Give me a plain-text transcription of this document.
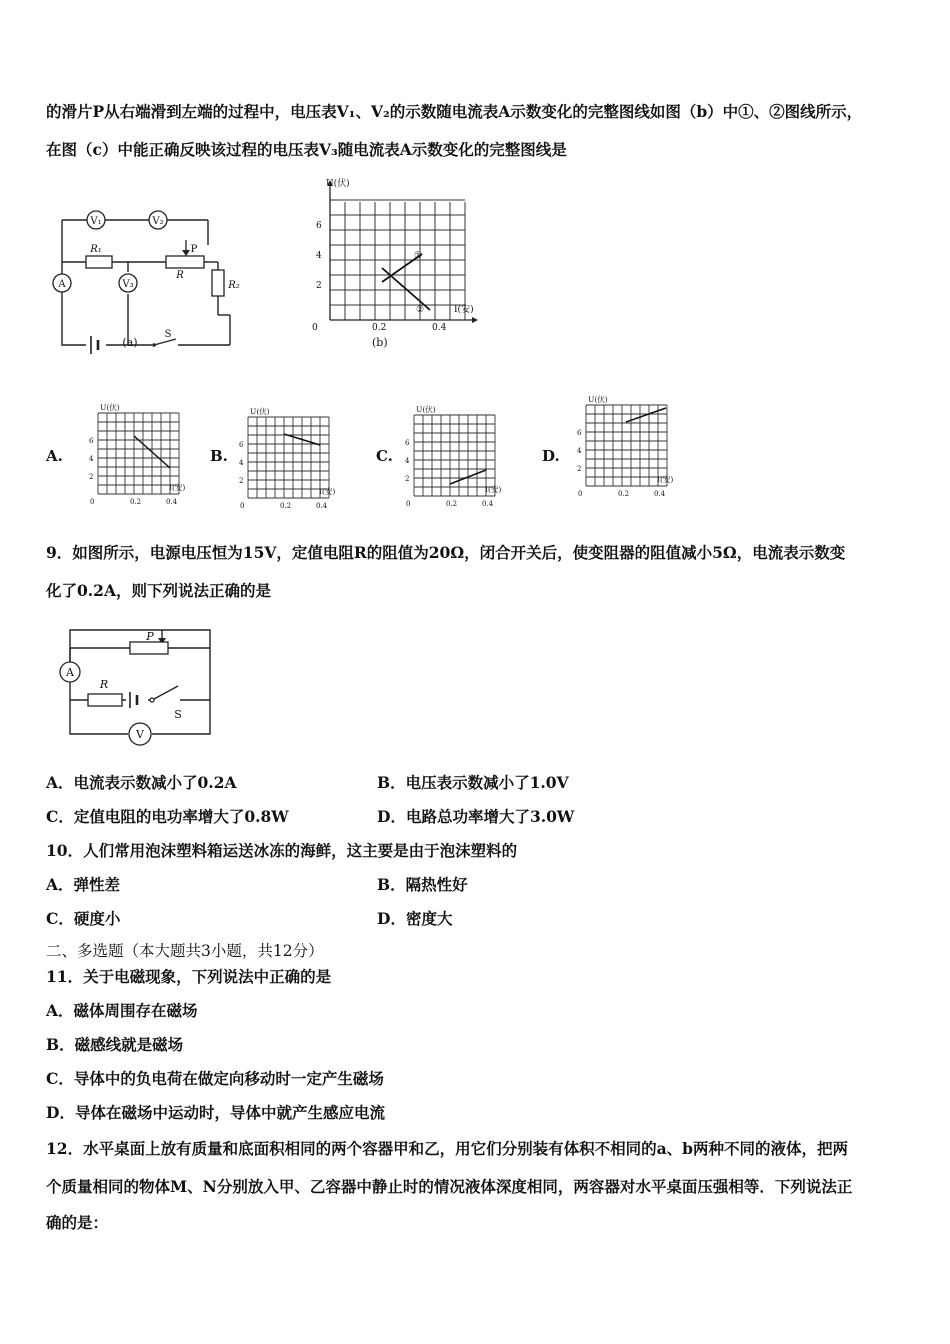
的滑片P从右端滑到左端的过程中，电压表V₁、V₂的示数随电流表A示数变化的完整图线如图（b）中①、②图线所示，
在图（c）中能正确反映该过程的电压表V₃随电流表A示数变化的完整图线是
V₁	V₂
V₃
A
R₁
R
R₂
P
S
(a)
U(伏)
I(安)
6
4
2
0	0.2	0.4
①
②
(b)
A.
U(伏)
I(安)
6
4
2
0	0.2	0.4
B.
U(伏)
I(安)
6
4
2
0	0.2	0.4
C.
U(伏)
I(安)
6
4
2
0	0.2	0.4
D.
U(伏)
I(安)
6
4
2
0	0.2	0.4
9．如图所示，电源电压恒为15V，定值电阻R的阻值为20Ω，闭合开关后，使变阻器的阻值减小5Ω，电流表示数变
化了0.2A，则下列说法正确的是
P
A
R
S
V
A．电流表示数减小了0.2A	B．电压表示数减小了1.0V
C．定值电阻的电功率增大了0.8W	D．电路总功率增大了3.0W
10．人们常用泡沫塑料箱运送冰冻的海鲜，这主要是由于泡沫塑料的
A．弹性差	B．隔热性好
C．硬度小	D．密度大
二、多选题（本大题共3小题，共12分）
11．关于电磁现象，下列说法中正确的是
A．磁体周围存在磁场
B．磁感线就是磁场
C．导体中的负电荷在做定向移动时一定产生磁场
D．导体在磁场中运动时，导体中就产生感应电流
12．水平桌面上放有质量和底面积相同的两个容器甲和乙，用它们分别装有体积不相同的a、b两种不同的液体，把两
个质量相同的物体M、N分别放入甲、乙容器中静止时的情况液体深度相同，两容器对水平桌面压强相等．下列说法正
确的是：
